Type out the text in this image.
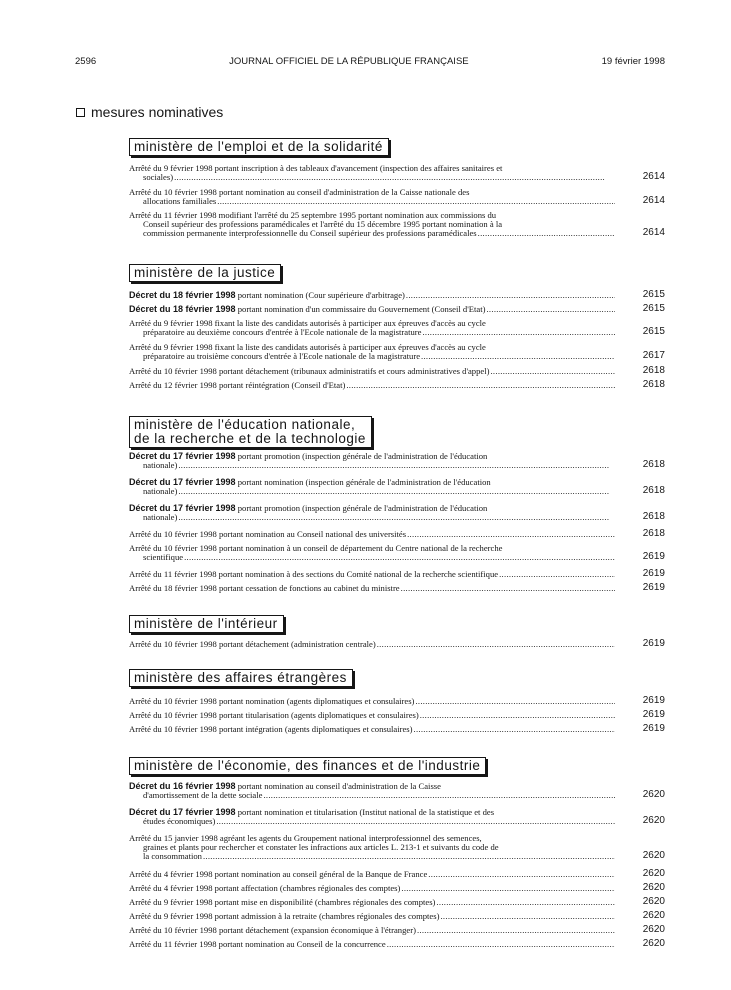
2596	JOURNAL OFFICIEL DE LA RÉPUBLIQUE FRANÇAISE	19 février 1998
mesures nominatives
ministère de l'emploi et de la solidarité
Arrêté du 9 février 1998 portant inscription à des tableaux d'avancement (inspection des affaires sanitaires et
sociales) .....	2614
Arrêté du 10 février 1998 portant nomination au conseil d'administration de la Caisse nationale des
allocations familiales .....	2614
Arrêté du 11 février 1998 modifiant l'arrêté du 25 septembre 1995 portant nomination aux commissions du
Conseil supérieur des professions paramédicales et l'arrêté du 15 décembre 1995 portant nomination à la
commission permanente interprofessionnelle du Conseil supérieur des professions paramédicales .....	2614
ministère de la justice
Décret du 18 février 1998 portant nomination (Cour supérieure d'arbitrage) .....	2615
Décret du 18 février 1998 portant nomination d'un commissaire du Gouvernement (Conseil d'Etat) .....	2615
Arrêté du 9 février 1998 fixant la liste des candidats autorisés à participer aux épreuves d'accès au cycle
préparatoire au deuxième concours d'entrée à l'Ecole nationale de la magistrature .....	2615
Arrêté du 9 février 1998 fixant la liste des candidats autorisés à participer aux épreuves d'accès au cycle
préparatoire au troisième concours d'entrée à l'Ecole nationale de la magistrature .....	2617
Arrêté du 10 février 1998 portant détachement (tribunaux administratifs et cours administratives d'appel) .....	2618
Arrêté du 12 février 1998 portant réintégration (Conseil d'Etat) .....	2618
ministère de l'éducation nationale,
de la recherche et de la technologie
Décret du 17 février 1998 portant promotion (inspection générale de l'administration de l'éducation
nationale) .....	2618
Décret du 17 février 1998 portant nomination (inspection générale de l'administration de l'éducation
nationale) .....	2618
Décret du 17 février 1998 portant promotion (inspection générale de l'administration de l'éducation
nationale) .....	2618
Arrêté du 10 février 1998 portant nomination au Conseil national des universités .....	2618
Arrêté du 10 février 1998 portant nomination à un conseil de département du Centre national de la recherche
scientifique .....	2619
Arrêté du 11 février 1998 portant nomination à des sections du Comité national de la recherche scientifique .....	2619
Arrêté du 18 février 1998 portant cessation de fonctions au cabinet du ministre .....	2619
ministère de l'intérieur
Arrêté du 10 février 1998 portant détachement (administration centrale) .....	2619
ministère des affaires étrangères
Arrêté du 10 février 1998 portant nomination (agents diplomatiques et consulaires) .....	2619
Arrêté du 10 février 1998 portant titularisation (agents diplomatiques et consulaires) .....	2619
Arrêté du 10 février 1998 portant intégration (agents diplomatiques et consulaires) .....	2619
ministère de l'économie, des finances et de l'industrie
Décret du 16 février 1998 portant nomination au conseil d'administration de la Caisse
d'amortissement de la dette sociale .....	2620
Décret du 17 février 1998 portant nomination et titularisation (Institut national de la statistique et des
études économiques) .....	2620
Arrêté du 15 janvier 1998 agréant les agents du Groupement national interprofessionnel des semences,
graines et plants pour rechercher et constater les infractions aux articles L. 213-1 et suivants du code de
la consommation .....	2620
Arrêté du 4 février 1998 portant nomination au conseil général de la Banque de France .....	2620
Arrêté du 4 février 1998 portant affectation (chambres régionales des comptes) .....	2620
Arrêté du 9 février 1998 portant mise en disponibilité (chambres régionales des comptes) .....	2620
Arrêté du 9 février 1998 portant admission à la retraite (chambres régionales des comptes) .....	2620
Arrêté du 10 février 1998 portant détachement (expansion économique à l'étranger) .....	2620
Arrêté du 11 février 1998 portant nomination au Conseil de la concurrence .....	2620
